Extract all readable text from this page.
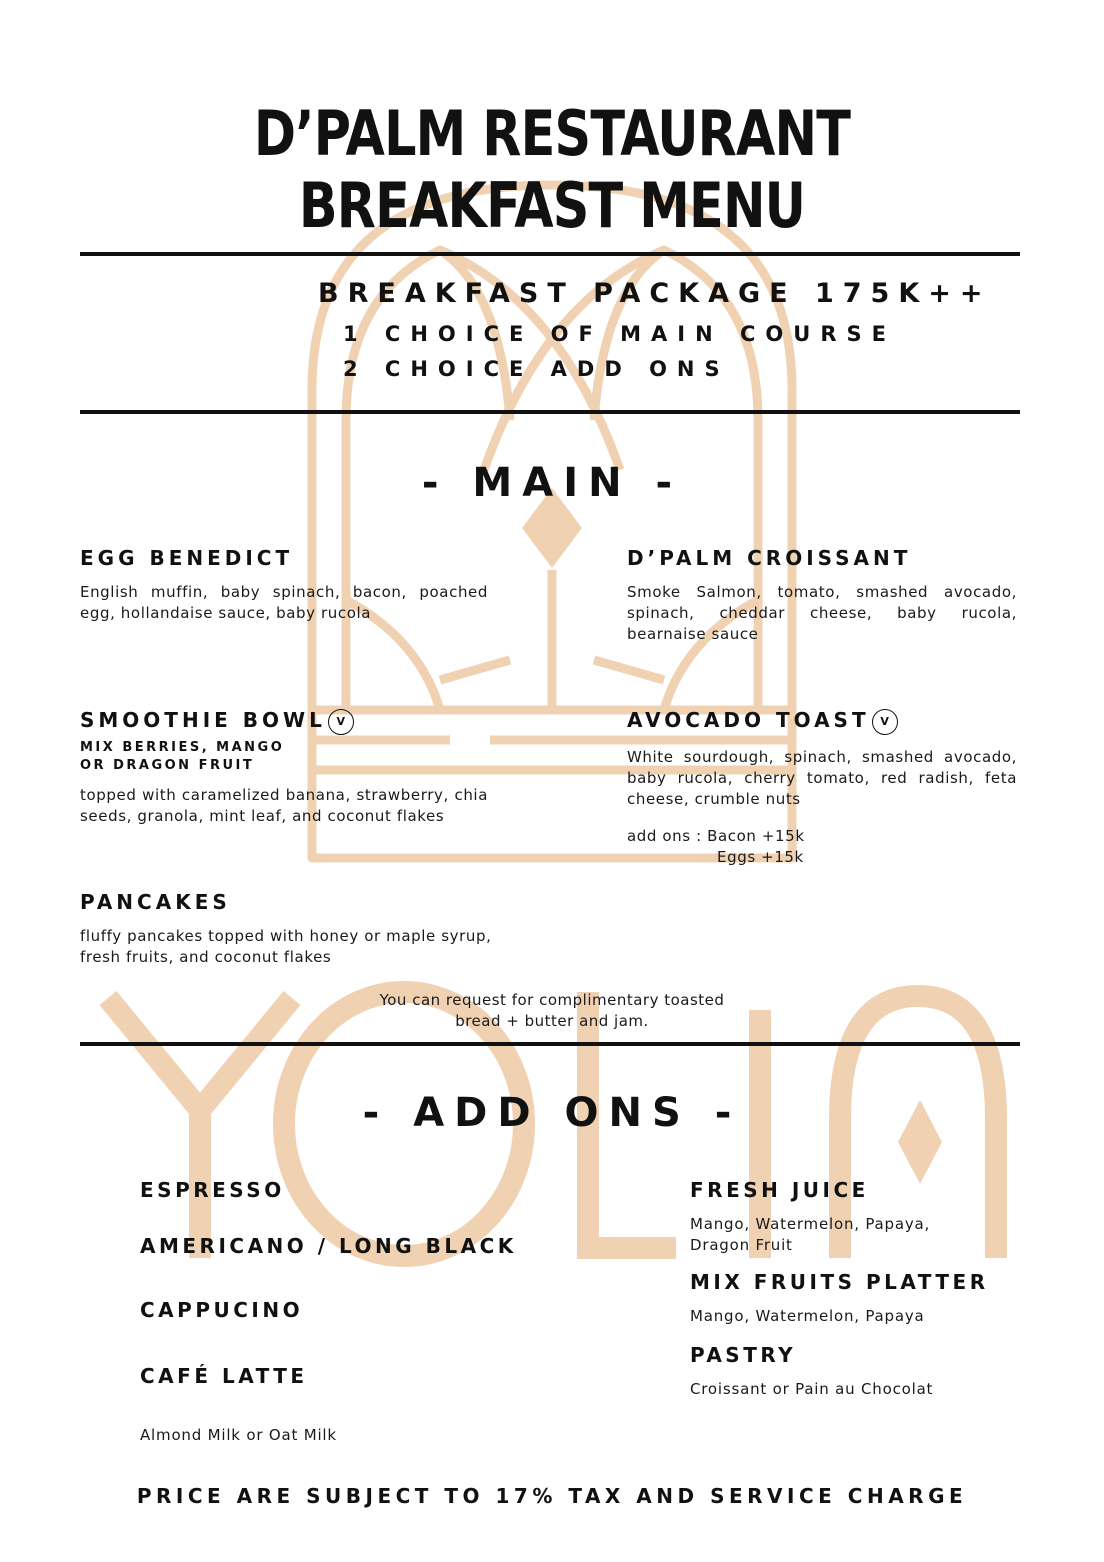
D’PALM RESTAURANT
BREAKFAST MENU
BREAKFAST PACKAGE 175K++
1 CHOICE OF MAIN COURSE
2 CHOICE ADD ONS
- MAIN -
EGG BENEDICT
English muffin, baby spinach, bacon, poached egg, hollandaise sauce, baby rucola
D’PALM CROISSANT
Smoke Salmon, tomato, smashed avocado, spinach, cheddar cheese, baby rucola, bearnaise sauce
SMOOTHIE BOWL V
MIX BERRIES, MANGO
OR DRAGON FRUIT
topped with caramelized banana, strawberry, chia seeds, granola, mint leaf, and coconut flakes
AVOCADO TOAST V
White sourdough, spinach, smashed avocado, baby rucola, cherry tomato, red radish, feta cheese, crumble nuts
add ons : Bacon +15k
Eggs +15k
PANCAKES
fluffy pancakes topped with honey or maple syrup, fresh fruits, and coconut flakes
You can request for complimentary toasted
bread + butter and jam.
- ADD ONS -
ESPRESSO
AMERICANO / LONG BLACK
CAPPUCINO
CAFÉ LATTE
Almond Milk or Oat Milk
FRESH JUICE
Mango, Watermelon, Papaya,
Dragon Fruit
MIX FRUITS PLATTER
Mango, Watermelon, Papaya
PASTRY
Croissant or Pain au Chocolat
PRICE ARE SUBJECT TO 17% TAX AND SERVICE CHARGE
